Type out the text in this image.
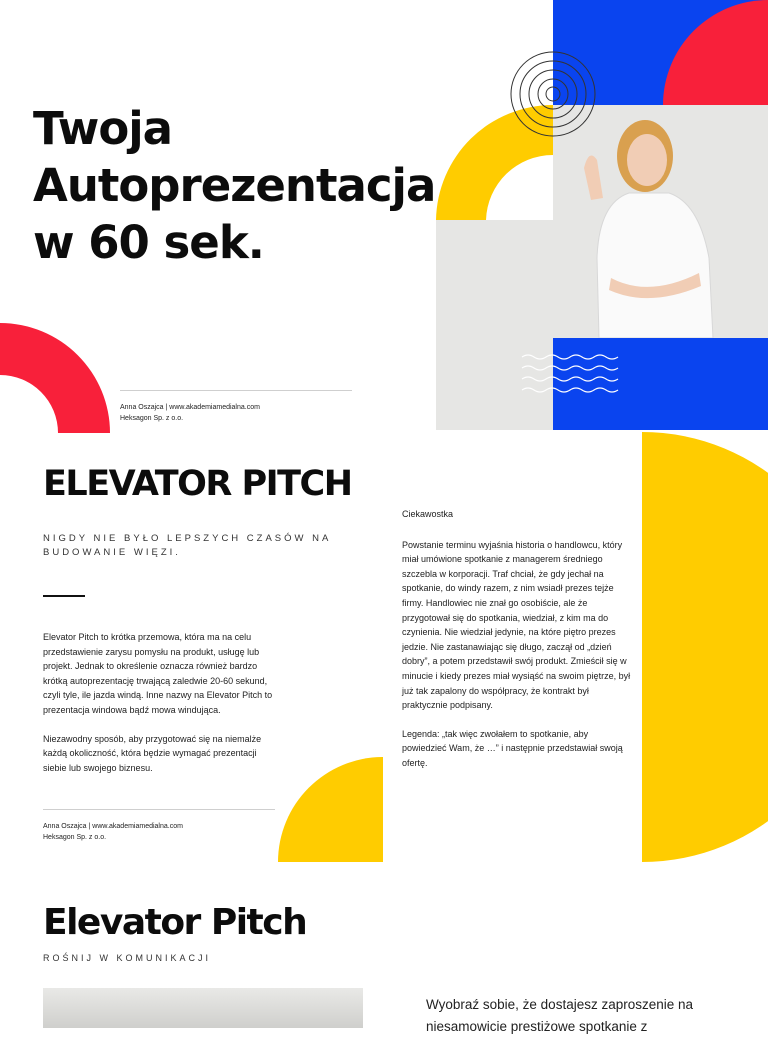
Twoja
Autoprezentacja
w 60 sek.
Anna Oszajca | www.akademiamedialna.com
Heksagon Sp. z o.o.
ELEVATOR PITCH
NIGDY NIE BYŁO LEPSZYCH CZASÓW NA
BUDOWANIE WIĘZI.

Elevator Pitch to krótka przemowa, która ma na celu przedstawienie zarysu pomysłu na produkt, usługę lub projekt. Jednak to określenie oznacza również bardzo krótką autoprezentację trwającą zaledwie 20-60 sekund, czyli tyle, ile jazda windą. Inne nazwy na Elevator Pitch to prezentacja windowa bądź mowa windująca.

Niezawodny sposób, aby przygotować się na niemalże każdą okoliczność, która będzie wymagać prezentacji siebie lub swojego biznesu.

Anna Oszajca | www.akademiamedialna.com
Heksagon Sp. z o.o.

Ciekawostka

Powstanie terminu wyjaśnia historia o handlowcu, który miał umówione spotkanie z managerem średniego szczebla w korporacji. Traf chciał, że gdy jechał na spotkanie, do windy razem, z nim wsiadł prezes tejże firmy. Handlowiec nie znał go osobiście, ale że przygotował się do spotkania, wiedział, z kim ma do czynienia. Nie wiedział jedynie, na które piętro prezes jedzie. Nie zastanawiając się długo, zaczął od „dzień dobry”, a potem przedstawił swój produkt. Zmieścił się w minucie i kiedy prezes miał wysiąść na swoim piętrze, był już tak zapalony do współpracy, że kontrakt był praktycznie podpisany.

Legenda: „tak więc zwołałem to spotkanie, aby powiedzieć Wam, że …” i następnie przedstawiał swoją ofertę.

Elevator Pitch
ROŚNIJ W KOMUNIKACJI
Wyobraź sobie, że dostajesz zaproszenie na niesamowicie prestiżowe spotkanie z
